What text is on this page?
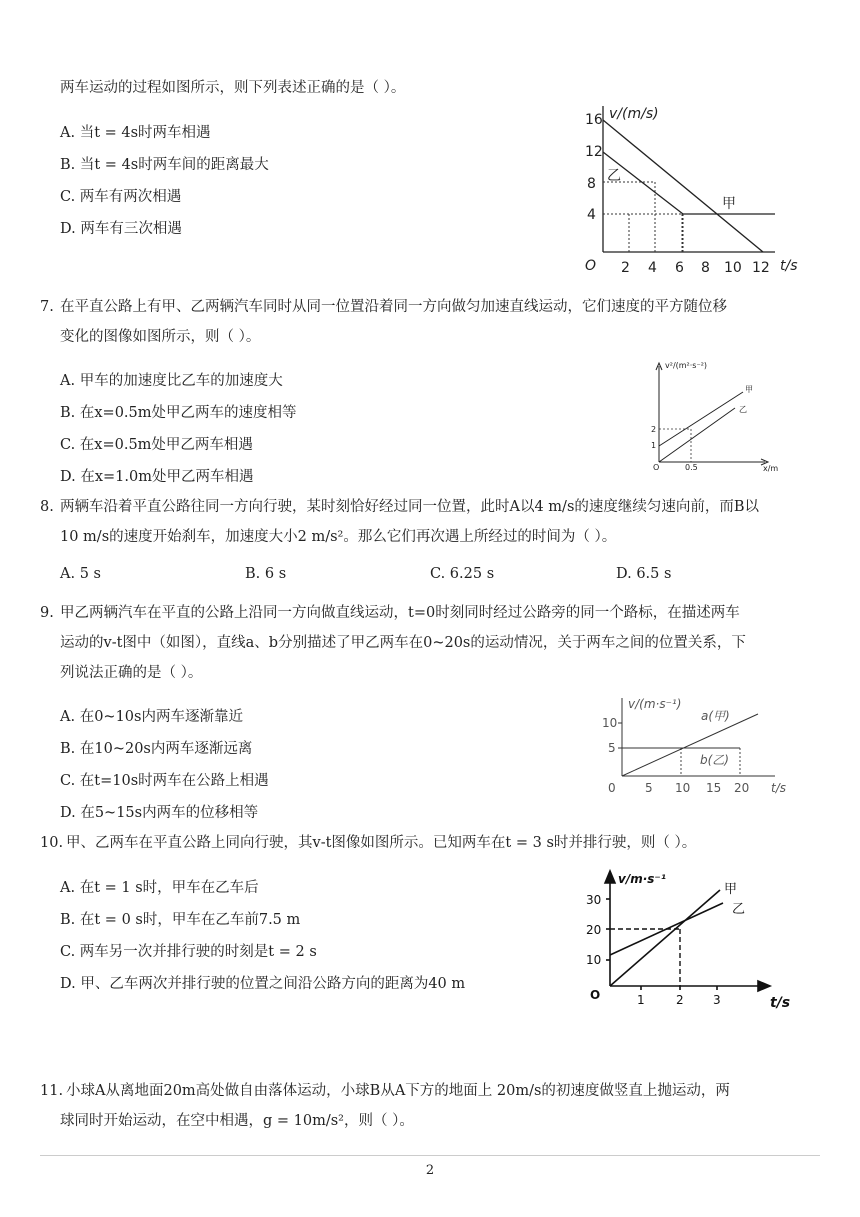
两车运动的过程如图所示，则下列表述正确的是（ ）。
A. 当t = 4s时两车相遇
B. 当t = 4s时两车间的距离最大
C. 两车有两次相遇
D. 两车有三次相遇
v/(m/s)
t/s
O
16
12
8
4
2 4 6 8 10 12
乙
甲
7. 在平直公路上有甲、乙两辆汽车同时从同一位置沿着同一方向做匀加速直线运动，它们速度的平方随位移
变化的图像如图所示，则（ ）。
A. 甲车的加速度比乙车的加速度大
B. 在x=0.5m处甲乙两车的速度相等
C. 在x=0.5m处甲乙两车相遇
D. 在x=1.0m处甲乙两车相遇
v²/(m²·s⁻²)
x/m
O
2
1
0.5
甲
乙
8. 两辆车沿着平直公路往同一方向行驶，某时刻恰好经过同一位置，此时A以4 m/s的速度继续匀速向前，而B以
10 m/s的速度开始刹车，加速度大小2 m/s²。那么它们再次遇上所经过的时间为（ ）。
A. 5 s	B. 6 s	C. 6.25 s	D. 6.5 s
9. 甲乙两辆汽车在平直的公路上沿同一方向做直线运动，t=0时刻同时经过公路旁的同一个路标，在描述两车
运动的v-t图中（如图），直线a、b分别描述了甲乙两车在0~20s的运动情况，关于两车之间的位置关系，下
列说法正确的是（ ）。
A. 在0~10s内两车逐渐靠近
B. 在10~20s内两车逐渐远离
C. 在t=10s时两车在公路上相遇
D. 在5~15s内两车的位移相等
v/(m·s⁻¹)
t/s
0
10
5
5 10 15 20
a(甲)
b(乙)
10. 甲、乙两车在平直公路上同向行驶，其v-t图像如图所示。已知两车在t = 3 s时并排行驶，则（ ）。
A. 在t = 1 s时，甲车在乙车后
B. 在t = 0 s时，甲车在乙车前7.5 m
C. 两车另一次并排行驶的时刻是t = 2 s
D. 甲、乙车两次并排行驶的位置之间沿公路方向的距离为40 m
v/m·s⁻¹
t/s
O
30
20
10
1	2 3
甲
乙
11. 小球A从离地面20m高处做自由落体运动，小球B从A下方的地面上 20m/s的初速度做竖直上抛运动，两
球同时开始运动，在空中相遇，g = 10m/s²，则（ ）。
2
